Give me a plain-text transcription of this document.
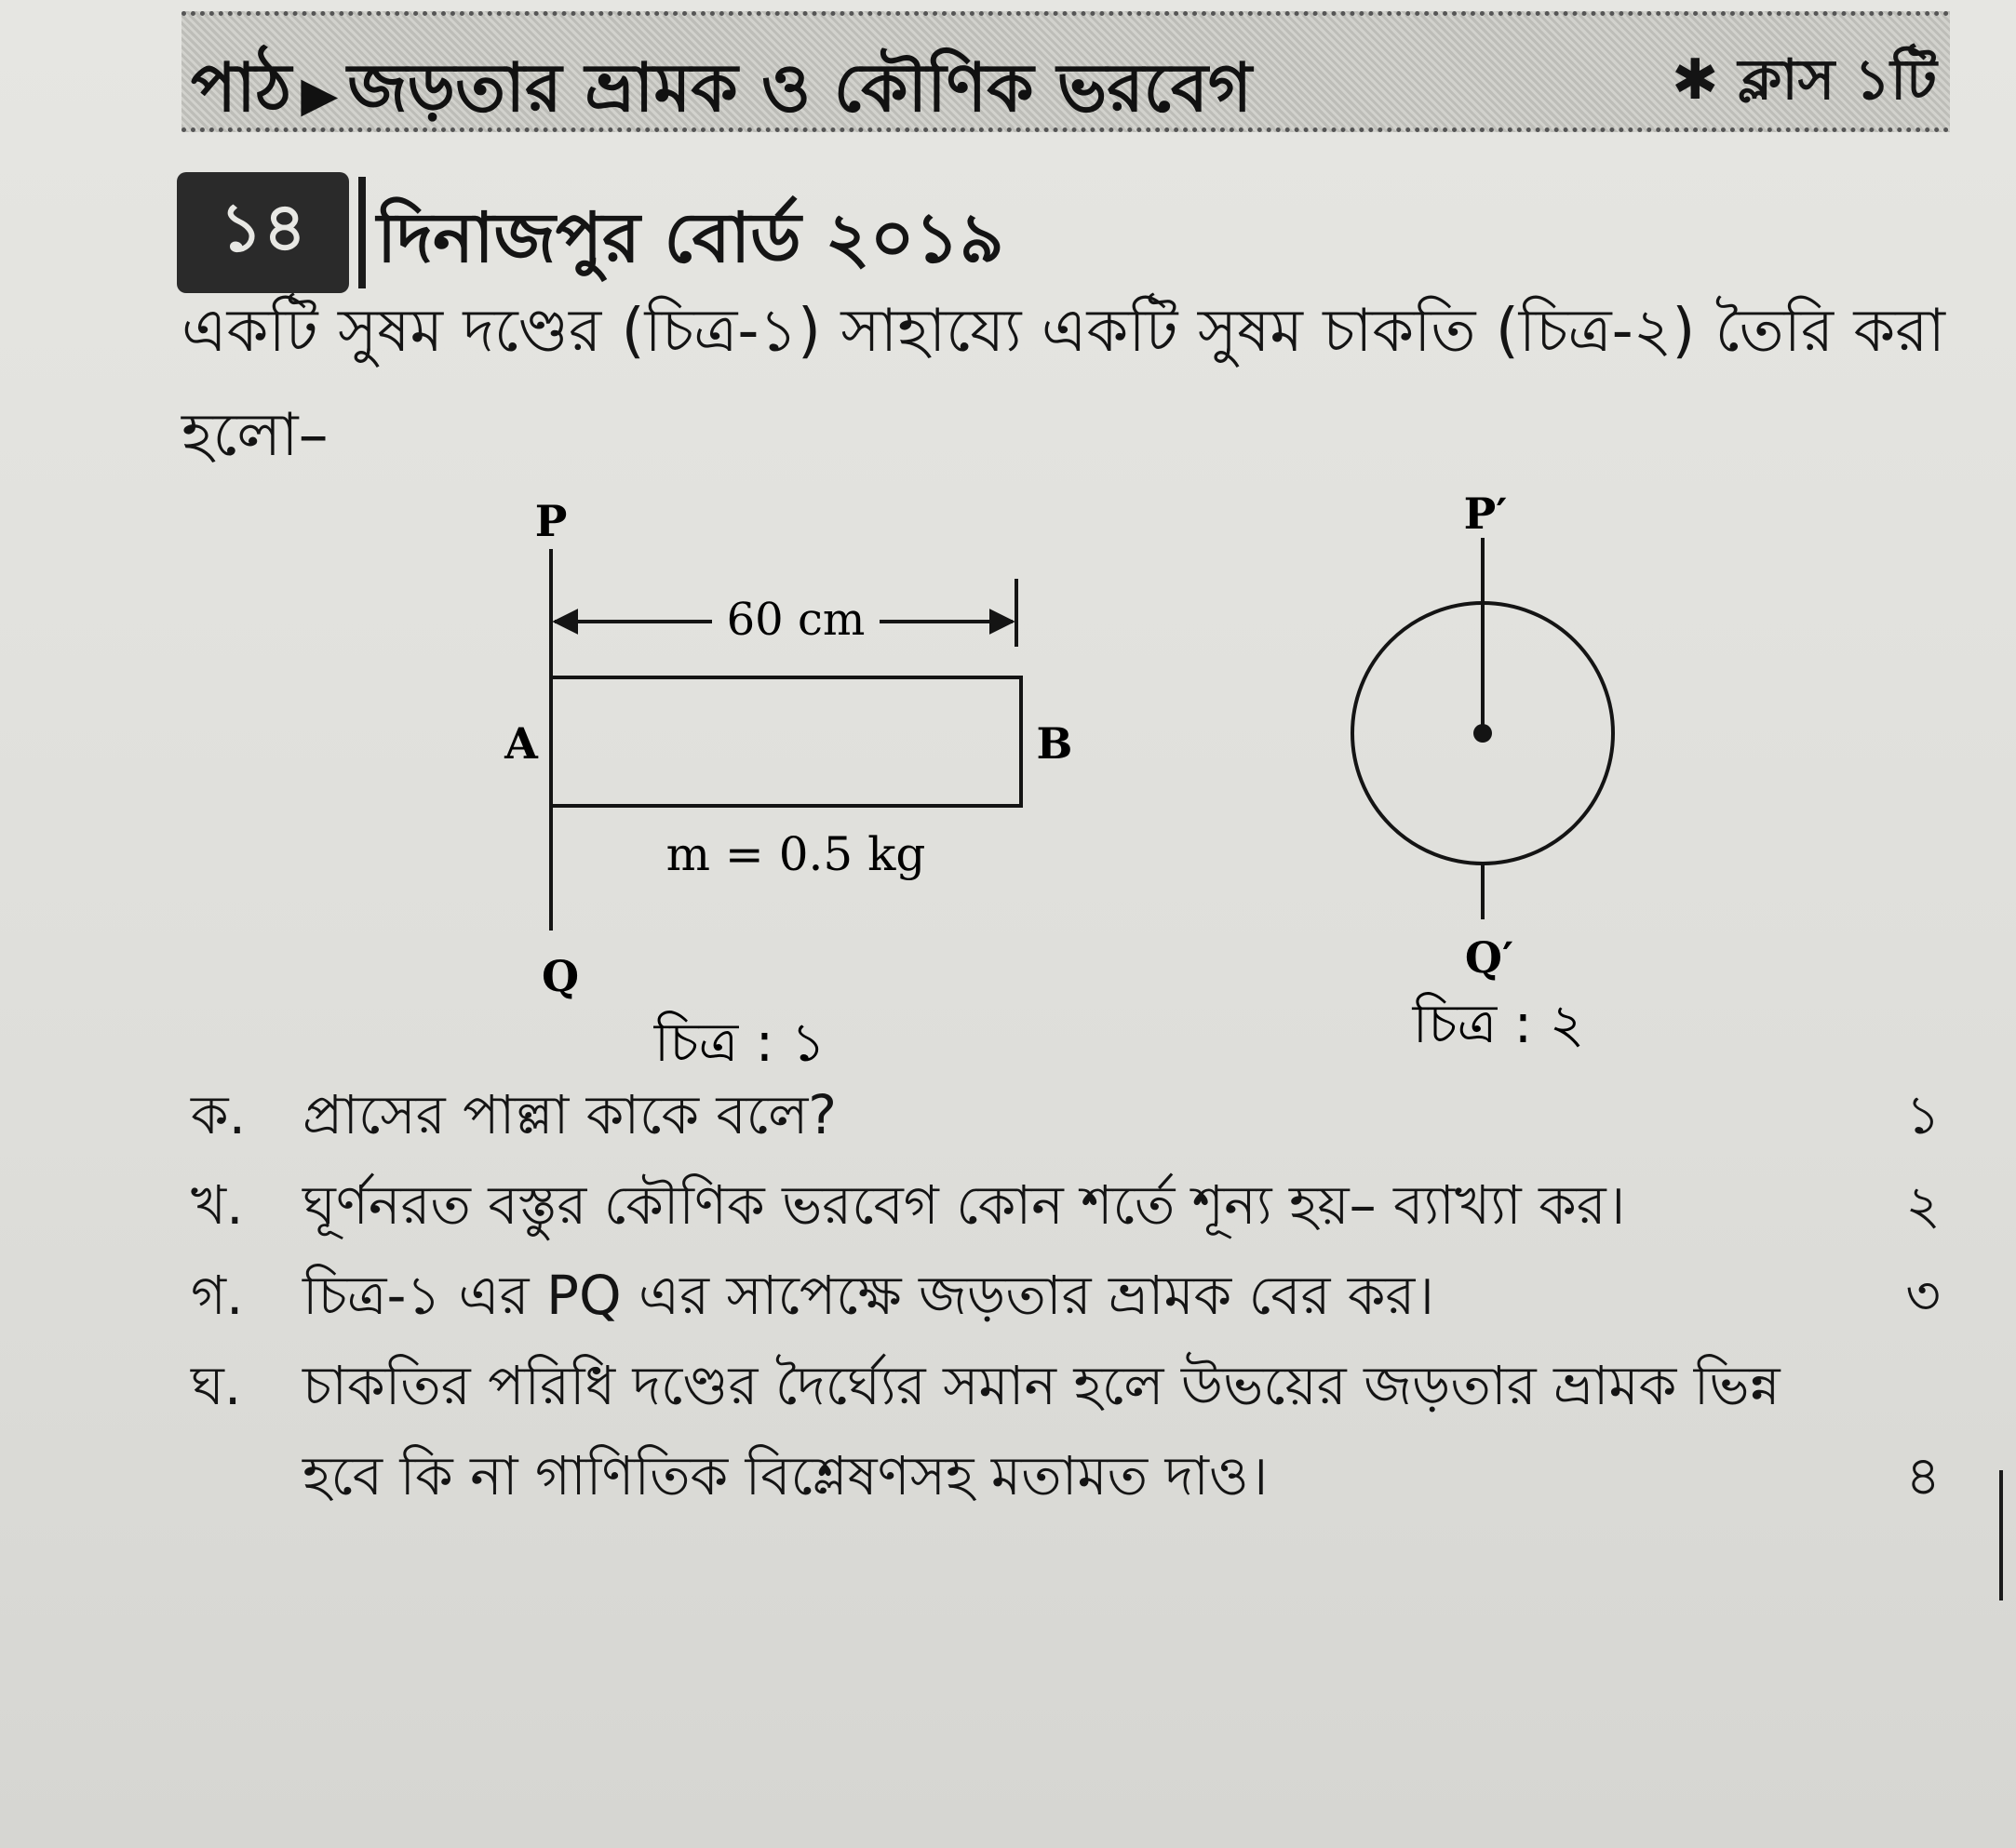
পাঠ ▶ জড়তার ভ্রামক ও কৌণিক ভরবেগ	✱ ক্লাস ১টি
১৪	দিনাজপুর বোর্ড ২০১৯
একটি সুষম দণ্ডের (চিত্র-১) সাহায্যে একটি সুষম চাকতি (চিত্র-২) তৈরি করা হলো–
60 cm
P
Q
A	B
m = 0.5 kg
চিত্র : ১
P′
Q′
চিত্র : ২
ক. প্রাসের পাল্লা কাকে বলে?	১
খ. ঘূর্ণনরত বস্তুর কৌণিক ভরবেগ কোন শর্তে শূন্য হয়– ব্যাখ্যা কর।	২
গ. চিত্র-১ এর PQ এর সাপেক্ষে জড়তার ভ্রামক বের কর।	৩
ঘ. চাকতির পরিধি দণ্ডের দৈর্ঘ্যের সমান হলে উভয়ের জড়তার ভ্রামক ভিন্ন হবে কি না গাণিতিক বিশ্লেষণসহ মতামত দাও।	৪
